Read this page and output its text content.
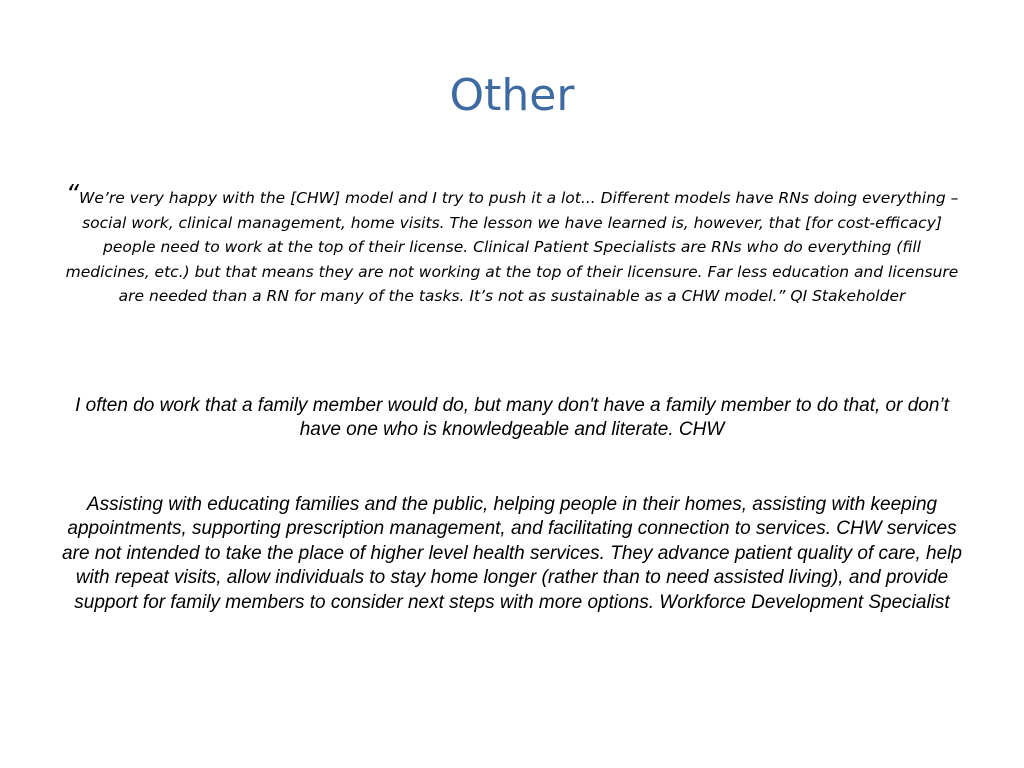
Other
“We’re very happy with the [CHW] model and I try to push it a lot... Different models have RNs doing everything – social work, clinical management, home visits. The lesson we have learned is, however, that [for cost-efficacy] people need to work at the top of their license. Clinical Patient Specialists are RNs who do everything (fill medicines, etc.) but that means they are not working at the top of their licensure. Far less education and licensure are needed than a RN for many of the tasks. It’s not as sustainable as a CHW model.” QI Stakeholder
I often do work that a family member would do, but many don't have a family member to do that, or don’t have one who is knowledgeable and literate. CHW
Assisting with educating families and the public, helping people in their homes, assisting with keeping appointments, supporting prescription management, and facilitating connection to services. CHW services are not intended to take the place of higher level health services. They advance patient quality of care, help with repeat visits, allow individuals to stay home longer (rather than to need assisted living), and provide support for family members to consider next steps with more options. Workforce Development Specialist
